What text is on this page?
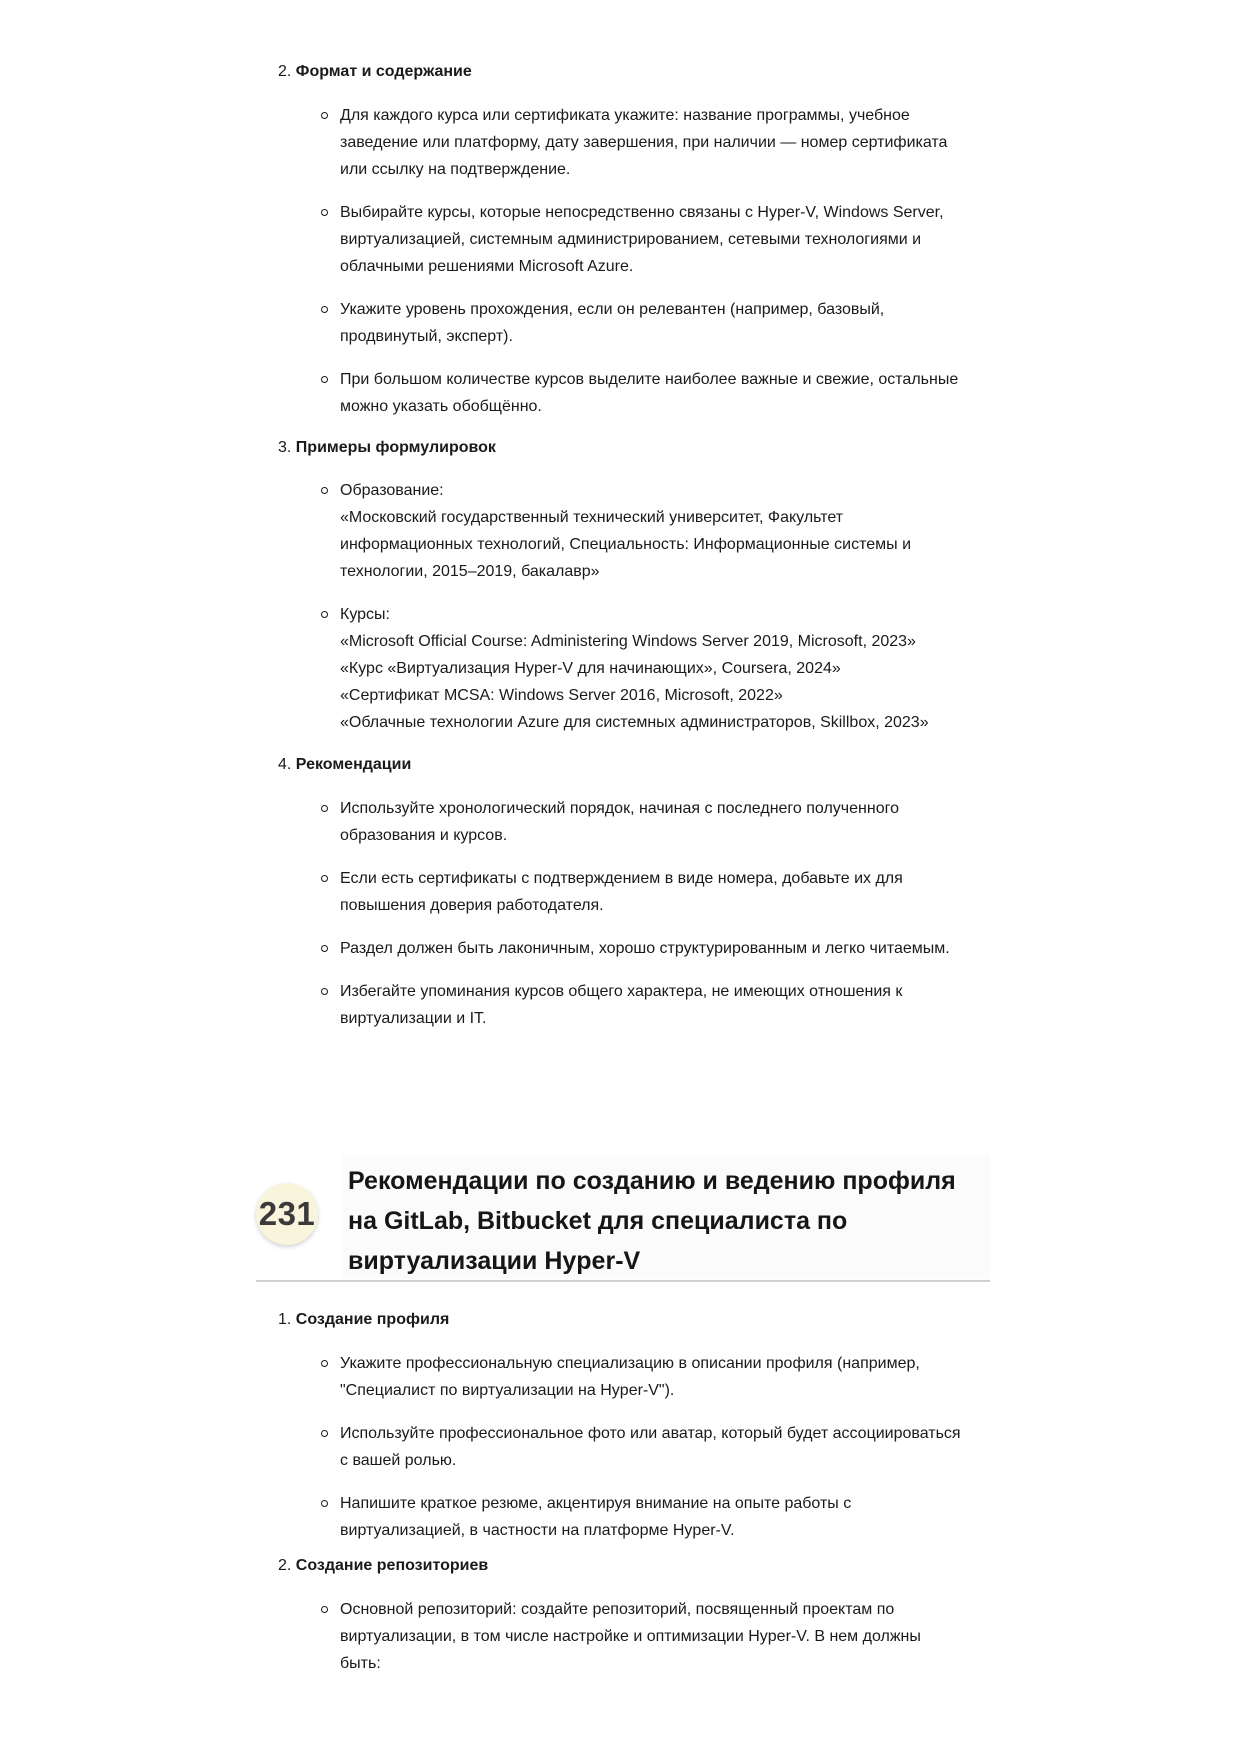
2. Формат и содержание
Для каждого курса или сертификата укажите: название программы, учебное
заведение или платформу, дату завершения, при наличии — номер сертификата
или ссылку на подтверждение.
Выбирайте курсы, которые непосредственно связаны с Hyper-V, Windows Server,
виртуализацией, системным администрированием, сетевыми технологиями и
облачными решениями Microsoft Azure.
Укажите уровень прохождения, если он релевантен (например, базовый,
продвинутый, эксперт).
При большом количестве курсов выделите наиболее важные и свежие, остальные
можно указать обобщённо.
3. Примеры формулировок
Образование:
«Московский государственный технический университет, Факультет
информационных технологий, Специальность: Информационные системы и
технологии, 2015–2019, бакалавр»
Курсы:
«Microsoft Official Course: Administering Windows Server 2019, Microsoft, 2023»
«Курс «Виртуализация Hyper-V для начинающих», Coursera, 2024»
«Сертификат MCSA: Windows Server 2016, Microsoft, 2022»
«Облачные технологии Azure для системных администраторов, Skillbox, 2023»
4. Рекомендации
Используйте хронологический порядок, начиная с последнего полученного
образования и курсов.
Если есть сертификаты с подтверждением в виде номера, добавьте их для
повышения доверия работодателя.
Раздел должен быть лаконичным, хорошо структурированным и легко читаемым.
Избегайте упоминания курсов общего характера, не имеющих отношения к
виртуализации и IT.
231
Рекомендации по созданию и ведению профиля
на GitLab, Bitbucket для специалиста по
виртуализации Hyper-V
1. Создание профиля
Укажите профессиональную специализацию в описании профиля (например,
"Специалист по виртуализации на Hyper-V").
Используйте профессиональное фото или аватар, который будет ассоциироваться
с вашей ролью.
Напишите краткое резюме, акцентируя внимание на опыте работы с
виртуализацией, в частности на платформе Hyper-V.
2. Создание репозиториев
Основной репозиторий: создайте репозиторий, посвященный проектам по
виртуализации, в том числе настройке и оптимизации Hyper-V. В нем должны
быть:
